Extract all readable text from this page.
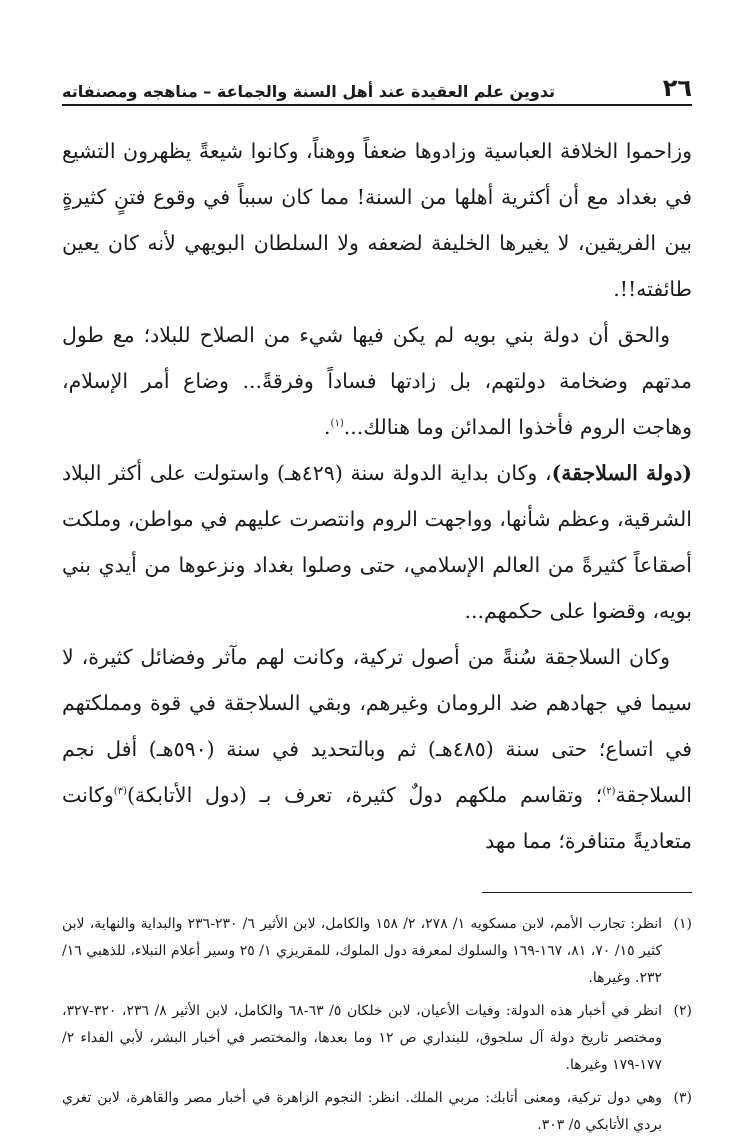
٢٦
تدوين علم العقيدة عند أهل السنة والجماعة – مناهجه ومصنفاته

وزاحموا الخلافة العباسية وزادوها ضعفاً ووهناً، وكانوا شيعةً يظهرون التشيع في بغداد مع أن أكثرية أهلها من السنة! مما كان سبباً في وقوع فتنٍ كثيرةٍ بين الفريقين، لا يغيرها الخليفة لضعفه ولا السلطان البويهي لأنه كان يعين طائفته!!.

والحق أن دولة بني بويه لم يكن فيها شيء من الصلاح للبلاد؛ مع طول مدتهم وضخامة دولتهم، بل زادتها فساداً وفرقةً... وضاع أمر الإسلام، وهاجت الروم فأخذوا المدائن وما هنالك...$^{(١)}$.

(دولة السلاجقة)، وكان بداية الدولة سنة (٤٢٩هـ) واستولت على أكثر البلاد الشرقية، وعظم شأنها، وواجهت الروم وانتصرت عليهم في مواطن، وملكت أصقاعاً كثيرةً من العالم الإسلامي، حتى وصلوا بغداد ونزعوها من أيدي بني بويه، وقضوا على حكمهم...

وكان السلاجقة سُنةً من أصول تركية، وكانت لهم مآثر وفضائل كثيرة، لا سيما في جهادهم ضد الرومان وغيرهم، وبقي السلاجقة في قوة ومملكتهم في اتساع؛ حتى سنة (٤٨٥هـ) ثم وبالتحديد في سنة (٥٩٠هـ) أفل نجم السلاجقة$^{(٢)}$؛ وتقاسم ملكهم دولٌ كثيرة، تعرف بـ (دول الأتابكة)$^{(٣)}$وكانت متعاديةً متنافرة؛ مما مهد

(١)
انظر: تجارب الأمم، لابن مسكويه ١/ ٢٧٨، ٢/ ١٥٨ والكامل، لابن الأثير ٦/ ٢٣٠-٢٣٦ والبداية والنهاية، لابن كثير ١٥/ ٧٠، ٨١، ١٦٧-١٦٩ والسلوك لمعرفة دول الملوك، للمقريزي ١/ ٢٥ وسير أعلام النبلاء، للذهبي ١٦/ ٢٣٢. وغيرها.
(٢)
انظر في أخبار هذه الدولة: وفيات الأعيان، لابن خلكان ٥/ ٦٣-٦٨ والكامل، لابن الأثير ٨/ ٢٣٦، ٣٢٠-٣٢٧، ومختصر تاريخ دولة آل سلجوق، للبنداري ص ١٢ وما بعدها، والمختصر في أخبار البشر، لأبي الفداء ٢/ ١٧٧-١٧٩ وغيرها.
(٣)
وهي دول تركية، ومعنى أتابك: مربي الملك. انظر: النجوم الزاهرة في أخبار مصر والقاهرة، لابن تغري بردي الأتابكي ٥/ ٣٠٣.
